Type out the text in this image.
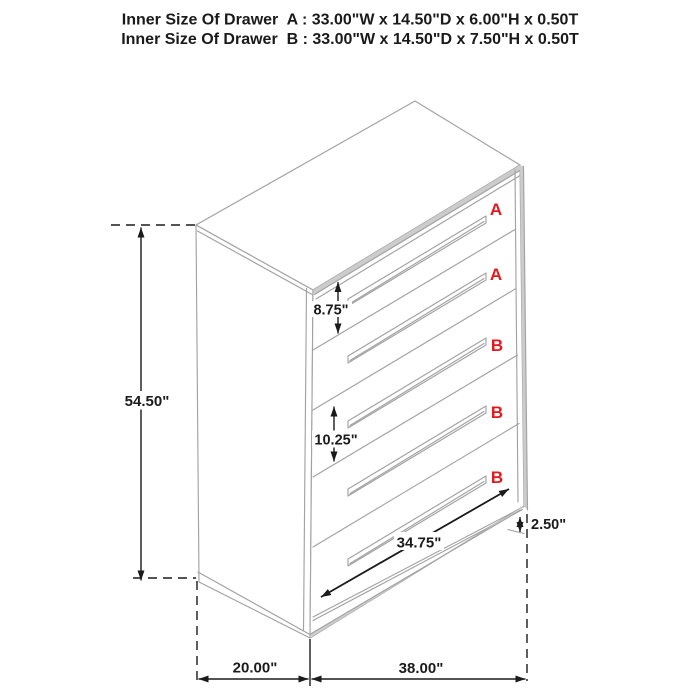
Inner Size Of Drawer  A : 33.00"W x 14.50"D x 6.00"H x 0.50T
Inner Size Of Drawer  B : 33.00"W x 14.50"D x 7.50"H x 0.50T
A
A
B
B
B
54.50"
8.75"
10.25"
2.50"
34.75"
20.00"	38.00"
